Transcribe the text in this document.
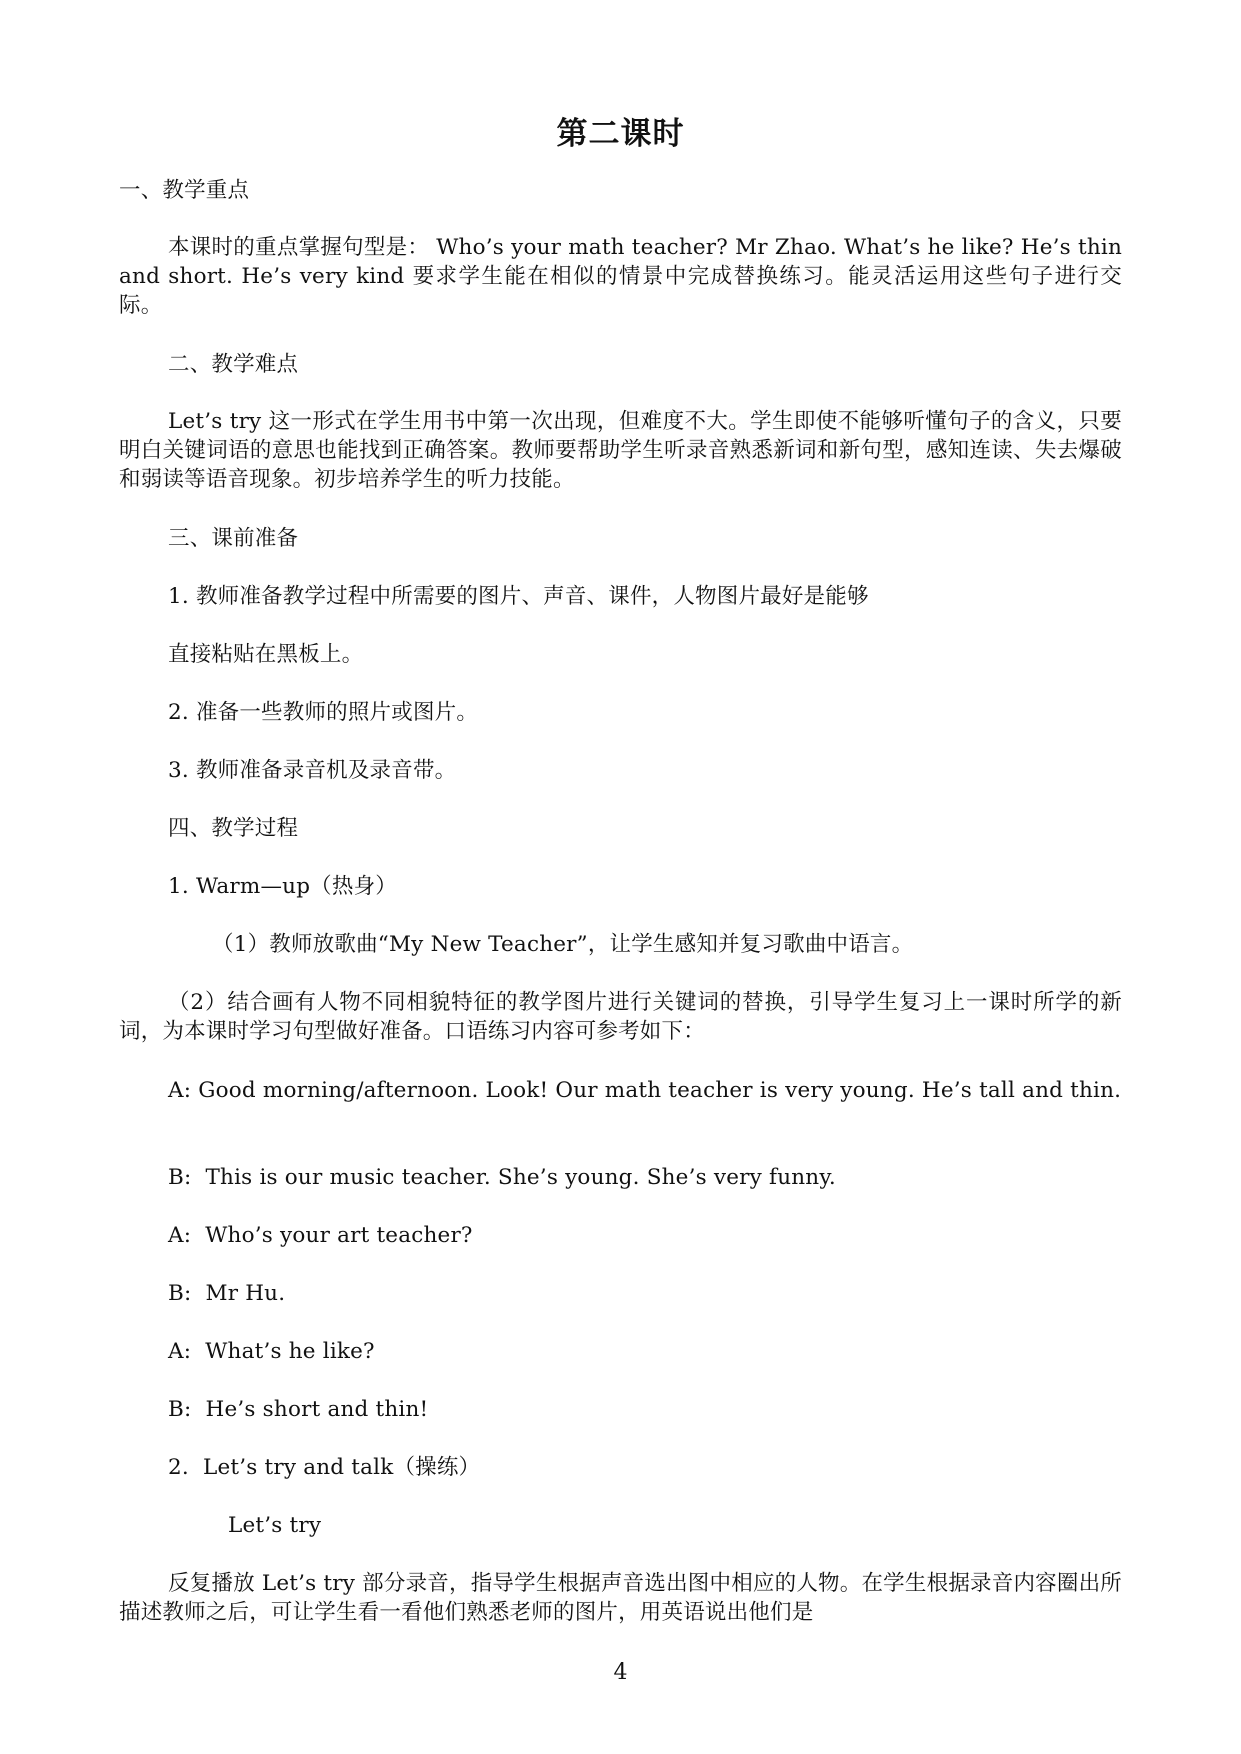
第二课时
一、教学重点
本课时的重点掌握句型是： Who’s your math teacher? Mr Zhao. What’s he like? He’s thin and short. He’s very kind 要求学生能在相似的情景中完成替换练习。能灵活运用这些句子进行交际。
二、教学难点
Let’s try 这一形式在学生用书中第一次出现，但难度不大。学生即使不能够听懂句子的含义，只要明白关键词语的意思也能找到正确答案。教师要帮助学生听录音熟悉新词和新句型，感知连读、失去爆破和弱读等语音现象。初步培养学生的听力技能。
三、课前准备
1. 教师准备教学过程中所需要的图片、声音、课件，人物图片最好是能够
直接粘贴在黑板上。
2. 准备一些教师的照片或图片。
3. 教师准备录音机及录音带。
四、教学过程
1. Warm—up（热身）
（1）教师放歌曲“My New Teacher”，让学生感知并复习歌曲中语言。
（2）结合画有人物不同相貌特征的教学图片进行关键词的替换，引导学生复习上一课时所学的新词，为本课时学习句型做好准备。口语练习内容可参考如下：
A: Good morning/afternoon. Look! Our math teacher is very young. He’s tall and thin.
B:  This is our music teacher. She’s young. She’s very funny.
A:  Who’s your art teacher?
B:  Mr Hu.
A:  What’s he like?
B:  He’s short and thin!
2.  Let’s try and talk（操练）
Let’s try
反复播放 Let’s try 部分录音，指导学生根据声音选出图中相应的人物。在学生根据录音内容圈出所描述教师之后，可让学生看一看他们熟悉老师的图片，用英语说出他们是
4
